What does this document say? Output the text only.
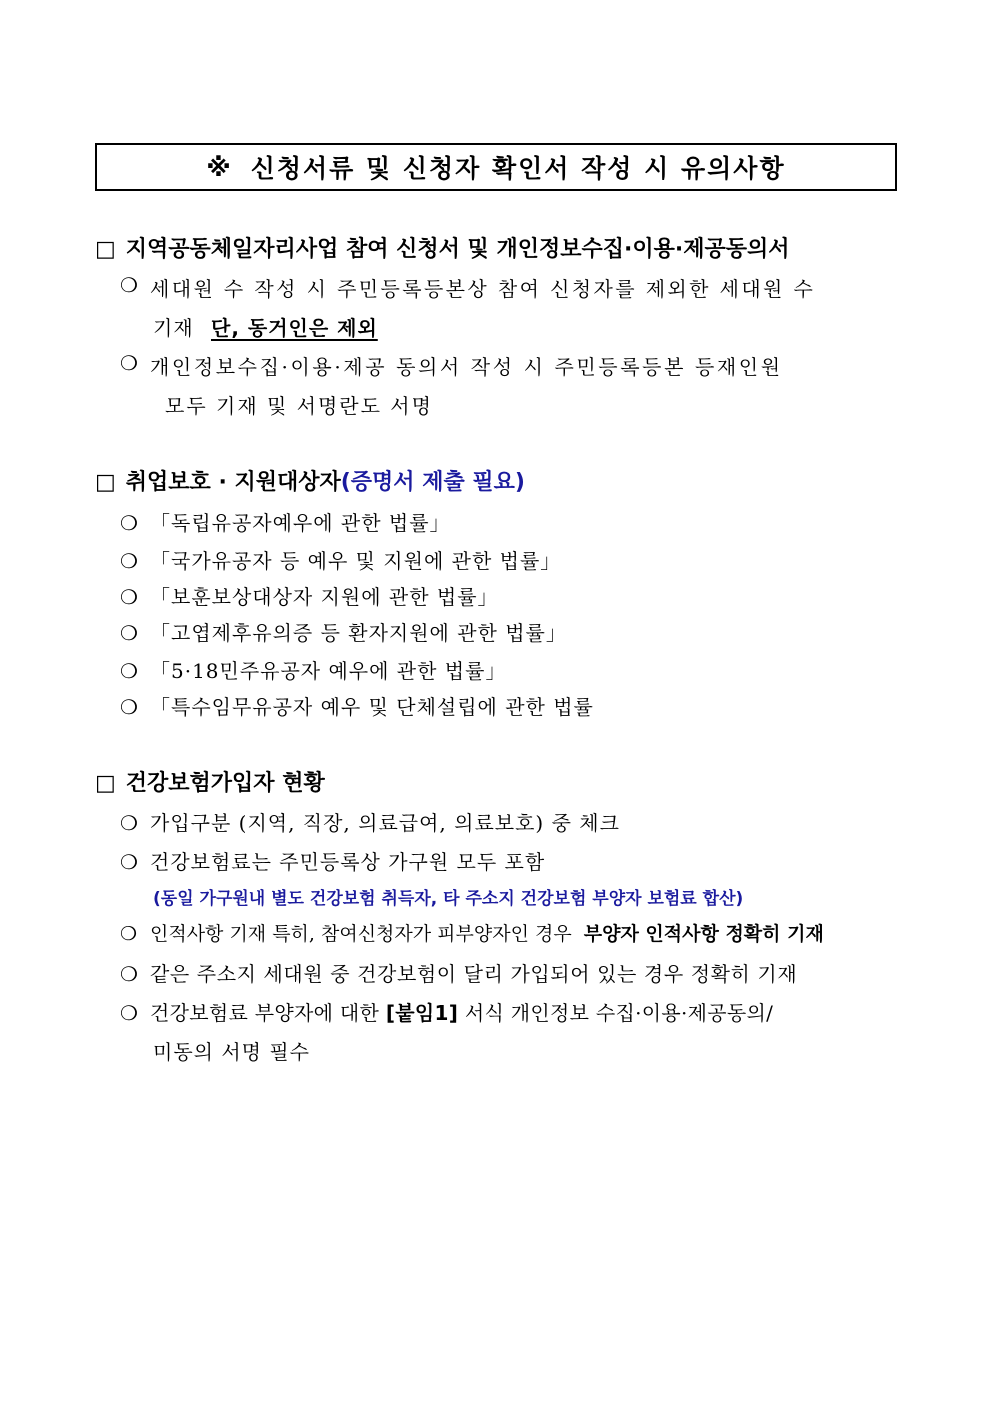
※ 신청서류 및 신청자 확인서 작성 시 유의사항
□ 지역공동체일자리사업 참여 신청서 및 개인정보수집·이용·제공동의서
❍ 세대원 수 작성 시 주민등록등본상 참여 신청자를 제외한 세대원 수
기재 단, 동거인은 제외
❍ 개인정보수집·이용·제공 동의서 작성 시 주민등록등본 등재인원
모두 기재 및 서명란도 서명
□ 취업보호 · 지원대상자(증명서 제출 필요)
❍ 「독립유공자예우에 관한 법률」
❍ 「국가유공자 등 예우 및 지원에 관한 법률」
❍ 「보훈보상대상자 지원에 관한 법률」
❍ 「고엽제후유의증 등 환자지원에 관한 법률」
❍ 「5·18민주유공자 예우에 관한 법률」
❍ 「특수임무유공자 예우 및 단체설립에 관한 법률
□ 건강보험가입자 현황
❍ 가입구분 (지역, 직장, 의료급여, 의료보호) 중 체크
❍ 건강보험료는 주민등록상 가구원 모두 포함
(동일 가구원내 별도 건강보험 취득자, 타 주소지 건강보험 부양자 보험료 합산)
❍ 인적사항 기재 특히, 참여신청자가 피부양자인 경우 부양자 인적사항 정확히 기재
❍ 같은 주소지 세대원 중 건강보험이 달리 가입되어 있는 경우 정확히 기재
❍ 건강보험료 부양자에 대한 [붙임1] 서식 개인정보 수집·이용·제공동의/
미동의 서명 필수
